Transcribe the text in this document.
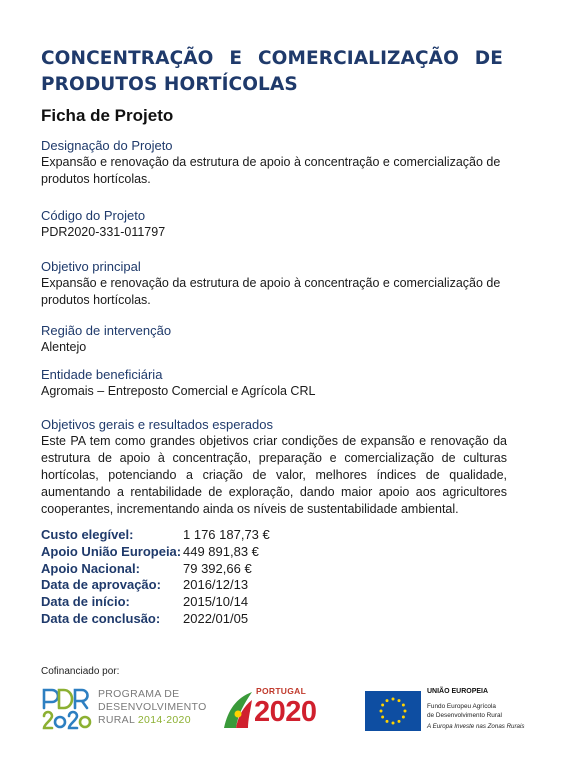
CONCENTRAÇÃO E COMERCIALIZAÇÃO DE PRODUTOS HORTÍCOLAS
Ficha de Projeto
Designação do Projeto
Expansão e renovação da estrutura de apoio à concentração e comercialização de produtos hortícolas.
Código do Projeto
PDR2020-331-011797
Objetivo principal
Expansão e renovação da estrutura de apoio à concentração e comercialização de produtos hortícolas.
Região de intervenção
Alentejo
Entidade beneficiária
Agromais – Entreposto Comercial e Agrícola CRL
Objetivos gerais e resultados esperados
Este PA tem como grandes objetivos criar condições de expansão e renovação da estrutura de apoio à concentração, preparação e comercialização de culturas hortícolas, potenciando a criação de valor, melhores índices de qualidade, aumentando a rentabilidade de exploração, dando maior apoio aos agricultores cooperantes, incrementando ainda os níveis de sustentabilidade ambiental.
Custo elegível:	1 176 187,73 €
Apoio União Europeia: 449 891,83 €
Apoio Nacional:	79 392,66 €
Data de aprovação:	2016/12/13
Data de início:	2015/10/14
Data de conclusão:	2022/01/05
Cofinanciado por:
PROGRAMA DE
DESENVOLVIMENTO
RURAL 2014·2020
PORTUGAL
2020
UNIÃO EUROPEIA
Fundo Europeu Agrícola
de Desenvolvimento Rural
A Europa Investe nas Zonas Rurais
